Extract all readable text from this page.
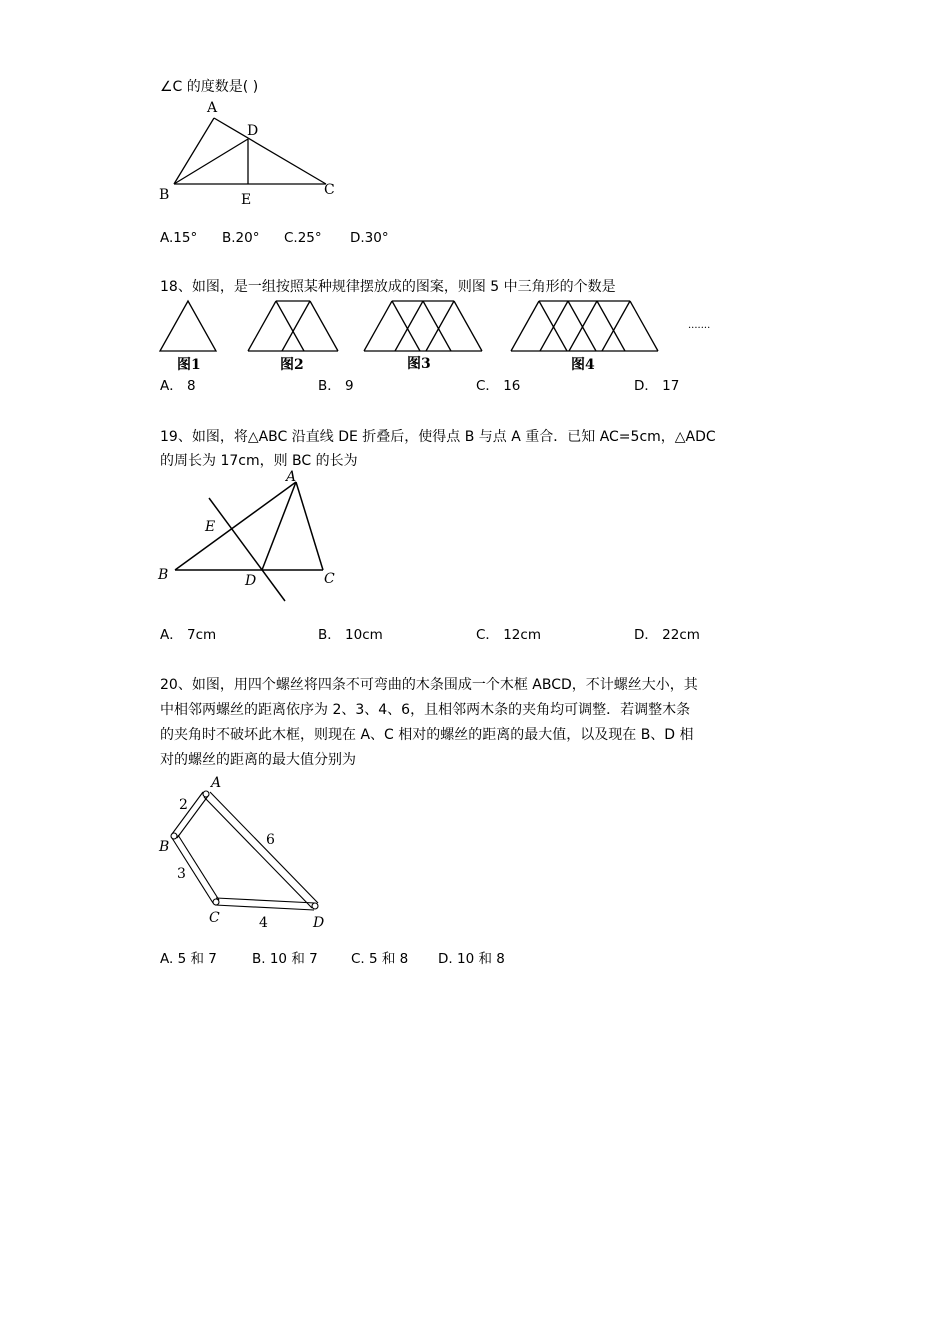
∠C 的度数是( )
A
D
B	E
C
A.15° B.20° C.25° D.30°
18、如图，是一组按照某种规律摆放成的图案，则图 5 中三角形的个数是
·······
图1	图2	图3	图4
A． 8	B． 9	C． 16	D． 17
19、如图，将△ABC 沿直线 DE 折叠后，使得点 B 与点 A 重合．已知 AC=5cm，△ADC
的周长为 17cm，则 BC 的长为
A
E
B	D	C
A． 7cm	B． 10cm	C． 12cm	D． 22cm
20、如图，用四个螺丝将四条不可弯曲的木条围成一个木框 ABCD，不计螺丝大小，其
中相邻两螺丝的距离依序为 2、3、4、6，且相邻两木条的夹角均可调整．若调整木条
的夹角时不破坏此木框，则现在 A、C 相对的螺丝的距离的最大值，以及现在 B、D 相
对的螺丝的距离的最大值分别为
A
B
C	D
2
3
4
6
A. 5 和 7	B. 10 和 7 C. 5 和 8 D. 10 和 8
